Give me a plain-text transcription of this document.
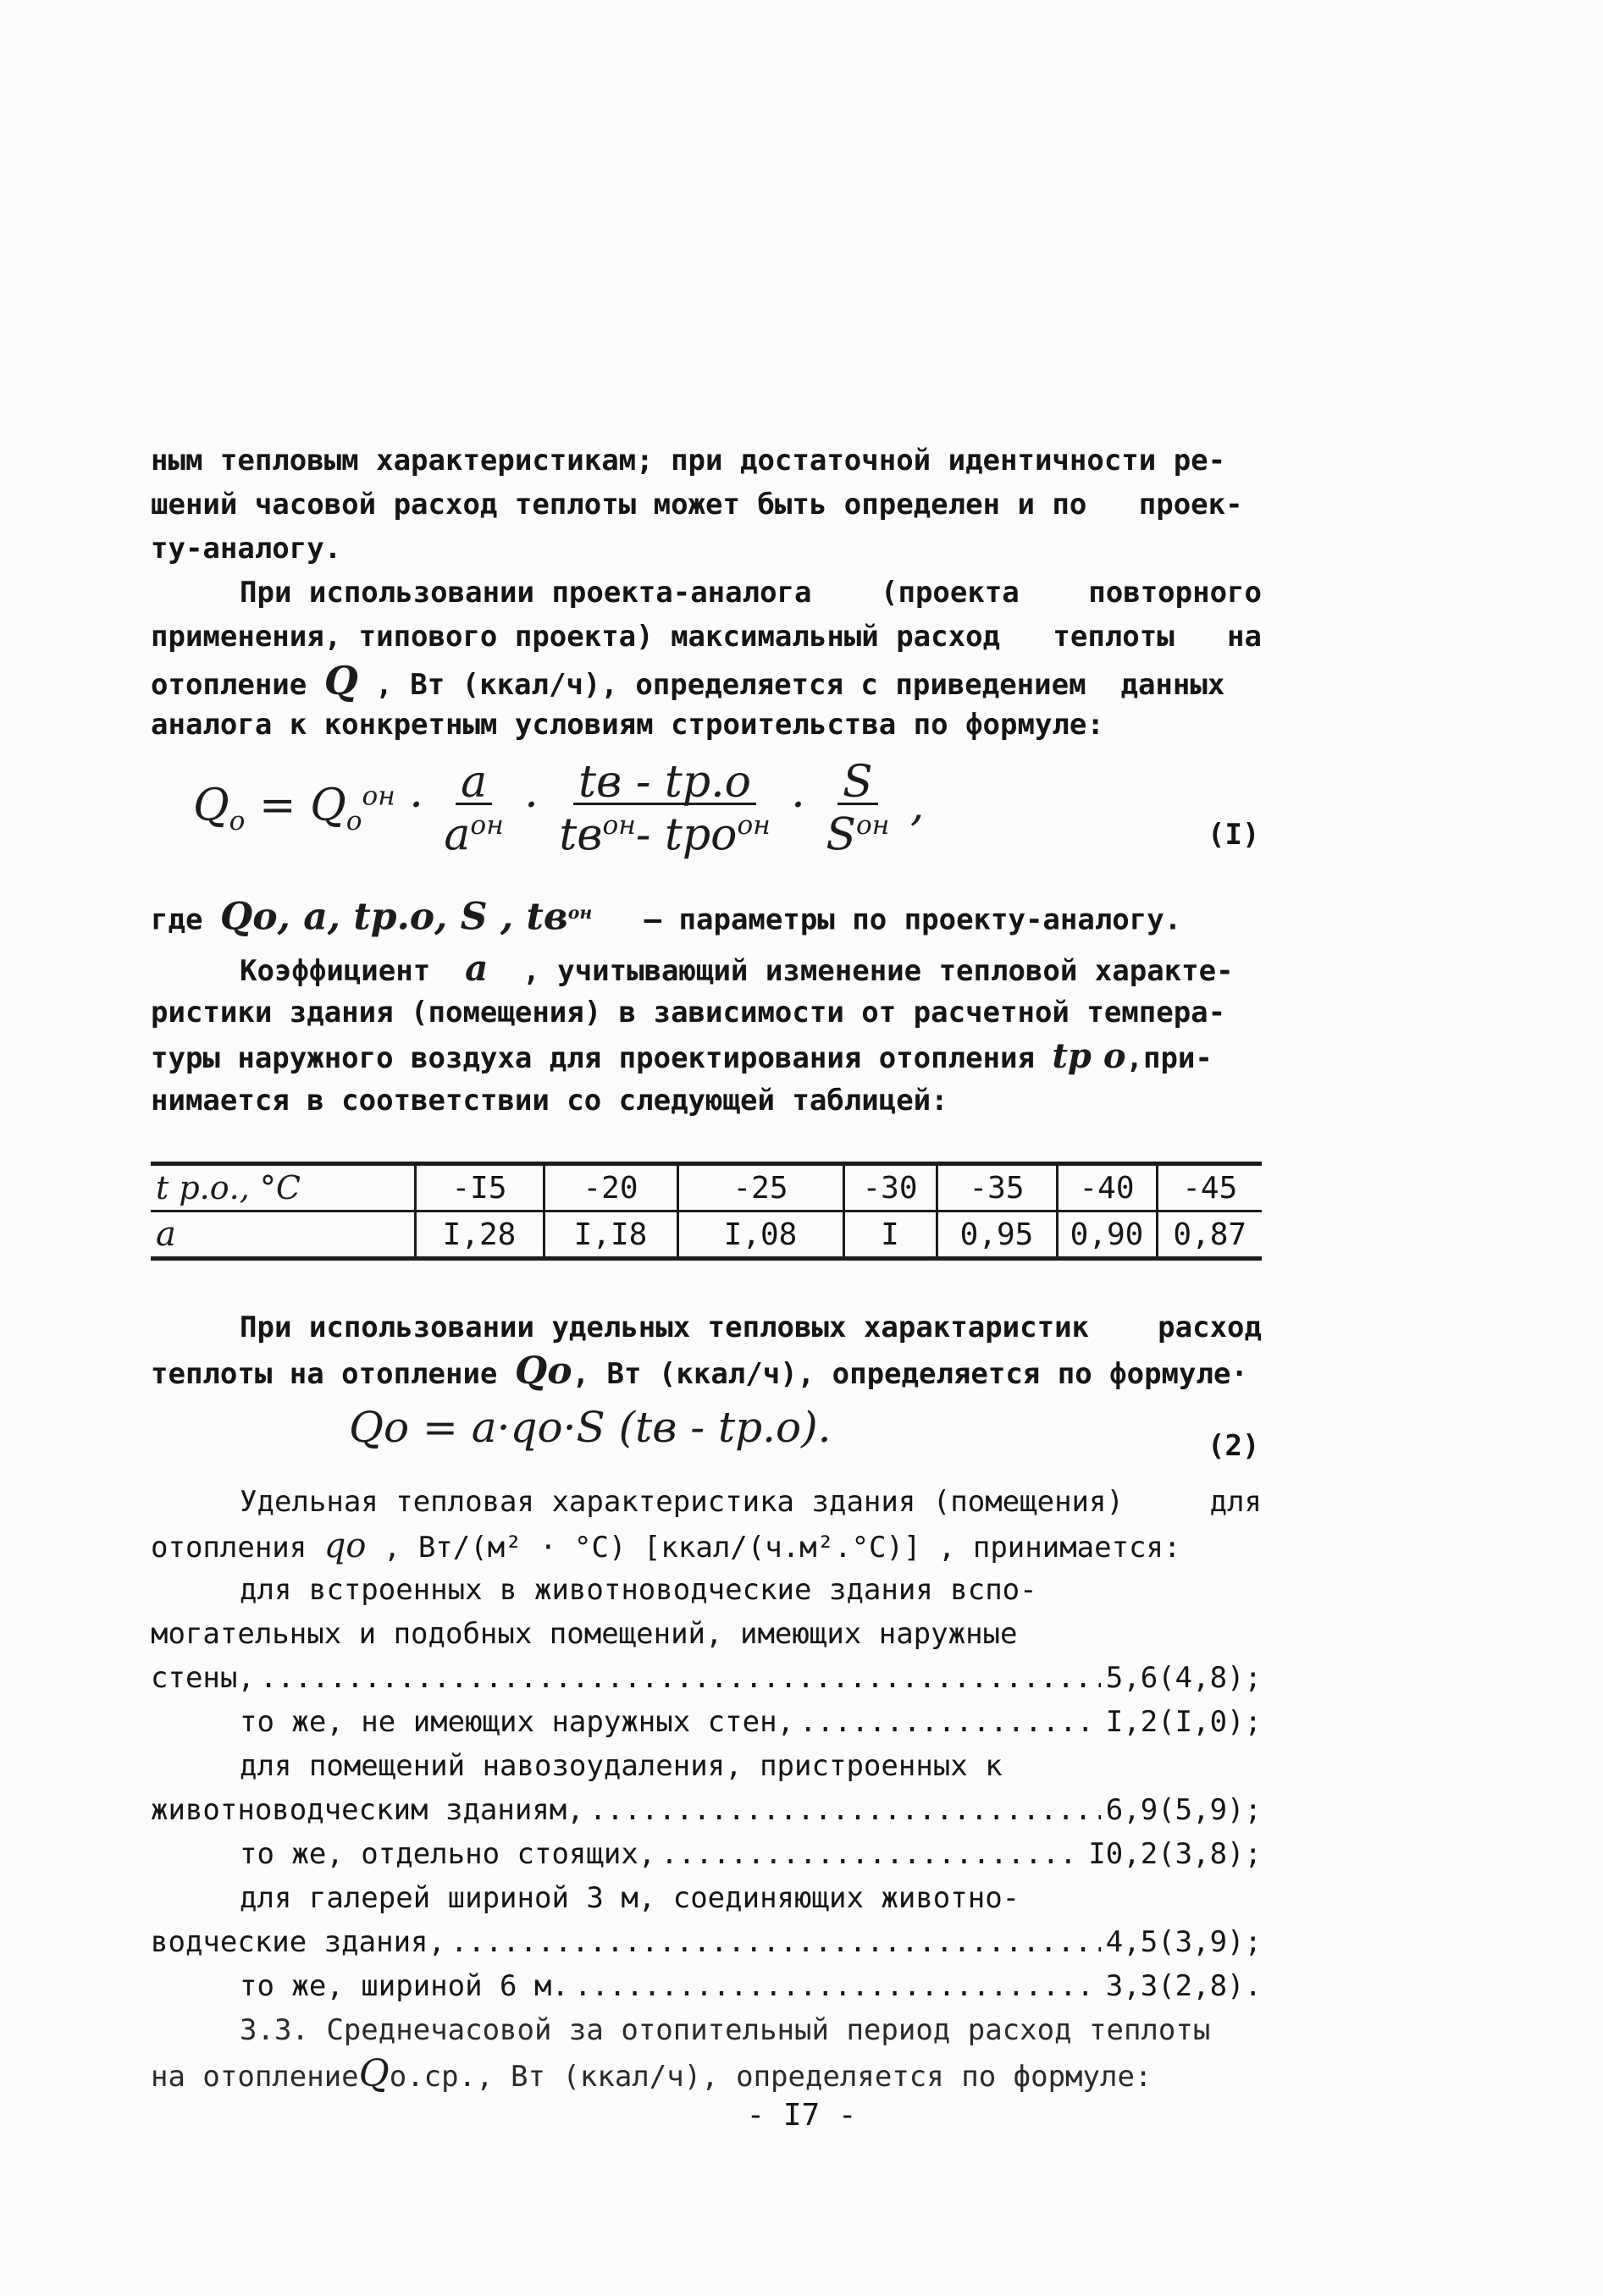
ным тепловым характеристикам; при достаточной идентичности ре-
шений часовой расход теплоты может быть определен и по   проек-
ту-аналогу.
При использовании проекта-аналога (проекта повторного
применения, типового проекта) максимальный расход теплоты на
отопление Q , Вт (ккал/ч), определяется с приведением  данных
аналога к конкретным условиям строительства по формуле:
$Q_o = Q_o^{он} \cdot \frac{a}{a^{он}} \cdot \frac{tв - tр.о}{tв^{он}- tро^{он}} \cdot \frac{S}{S^{он}}$ ,
(I)
где Qо, a, tр.о, S , $tв^{он}$ – параметры по проекту-аналогу.
Коэффициент a , учитывающий изменение тепловой характе-
ристики здания (помещения) в зависимости от расчетной темпера-
туры наружного воздуха для проектирования отопления tр о,при-
нимается в соответствии со следующей таблицей:
t р.о., °C	-I5	-20	-25	-30	-35	-40	-45
a	I,28	I,I8	I,08	I	0,95	0,90	0,87
При использовании удельных тепловых характаристик расход
теплоты на отопление Qo, Вт (ккал/ч), определяется по формуле·
Qo = a·qo·S (tв - tр.о).	(2)
Удельная тепловая характеристика здания (помещения)	для
отопления qo , Вт/(м² · °С) [ккал/(ч.м².°С)] , принимается:
для встроенных в животноводческие здания вспо-
могательных и подобных помещений, имеющих наружные
стены, .....	5,6(4,8);
то же, не имеющих наружных стен, .....	I,2(I,0);
для помещений навозоудаления, пристроенных к
животноводческим зданиям, .....	6,9(5,9);
то же, отдельно стоящих, .....	I0,2(3,8);
для галерей шириной 3 м, соединяющих животно-
водческие здания, .....	4,5(3,9);
то же, шириной 6 м. .....	3,3(2,8).
3.3. Среднечасовой за отопительный период расход теплоты
на отоплениеQо.ср., Вт (ккал/ч), определяется по формуле:
- I7 -
